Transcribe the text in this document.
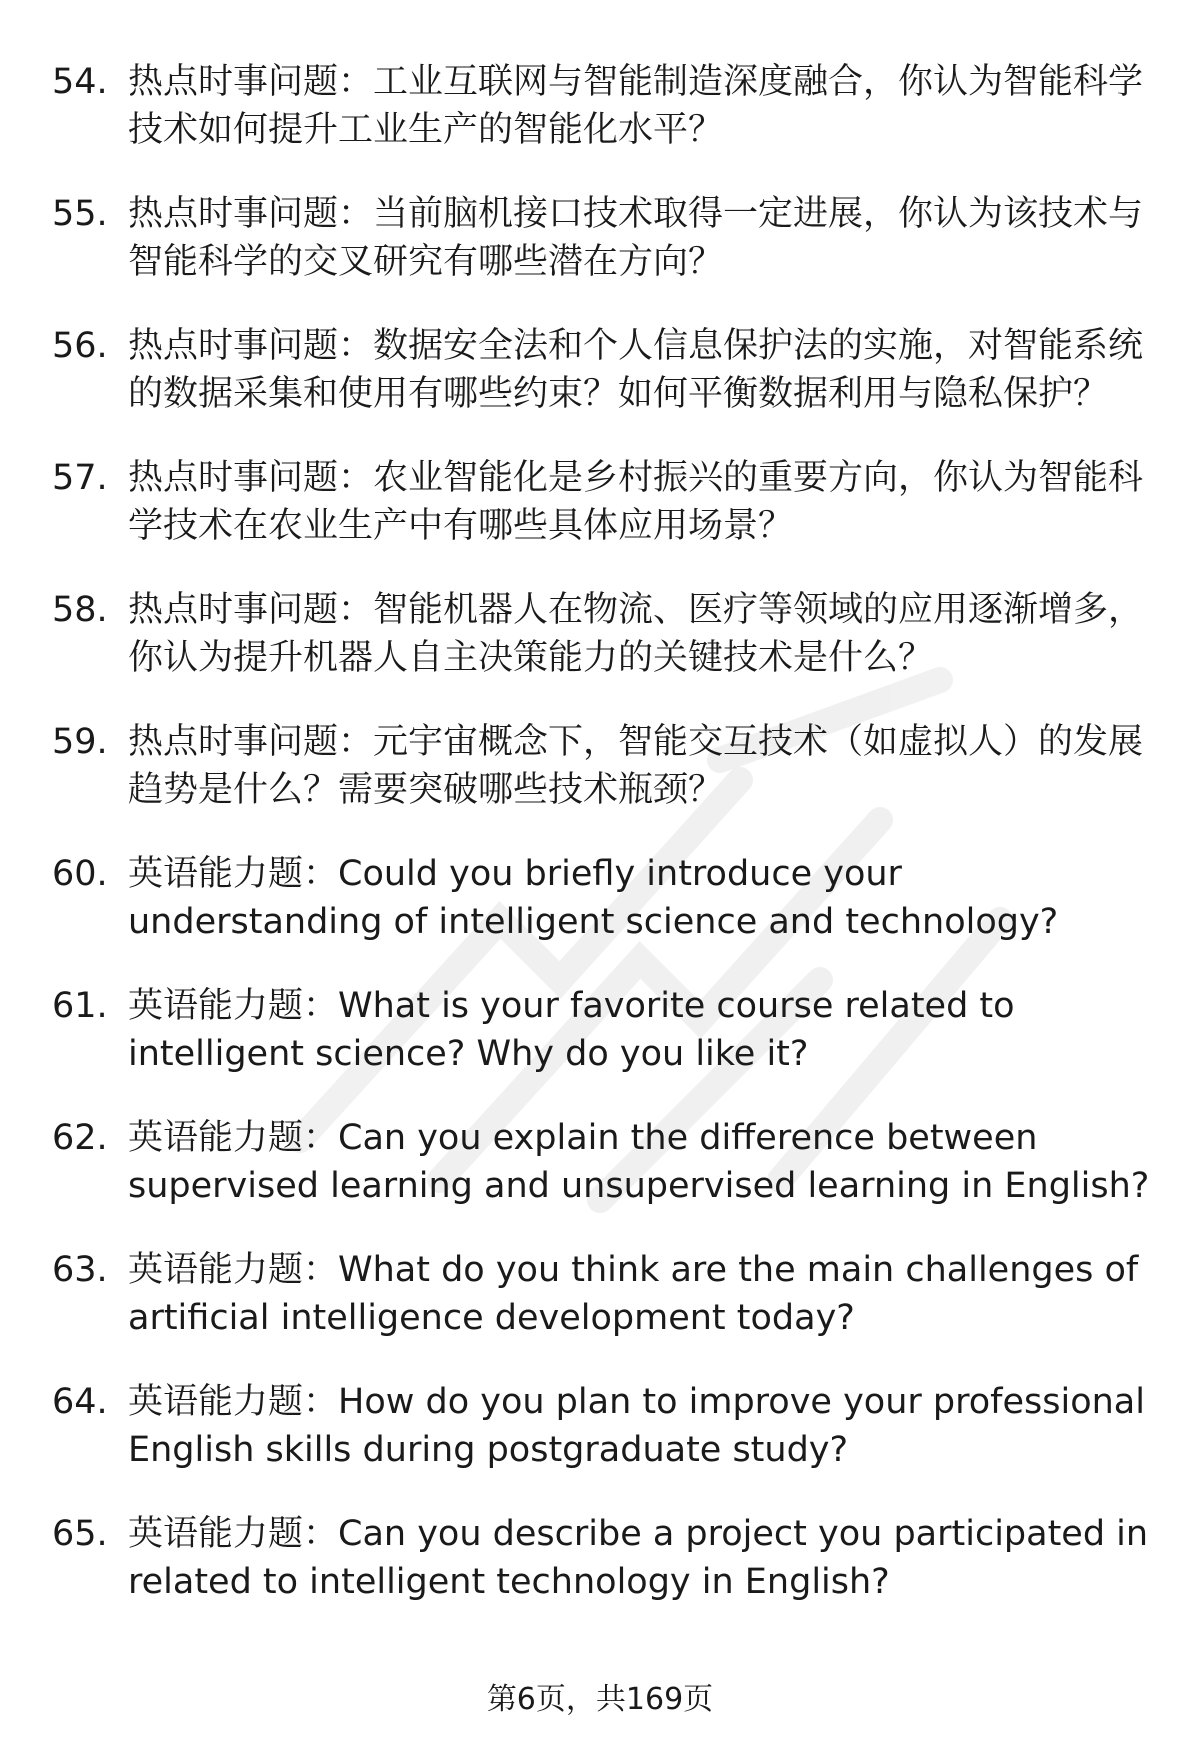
54. 热点时事问题：工业互联网与智能制造深度融合，你认为智能科学技术如何提升工业生产的智能化水平？
55. 热点时事问题：当前脑机接口技术取得一定进展，你认为该技术与智能科学的交叉研究有哪些潜在方向？
56. 热点时事问题：数据安全法和个人信息保护法的实施，对智能系统的数据采集和使用有哪些约束？如何平衡数据利用与隐私保护？
57. 热点时事问题：农业智能化是乡村振兴的重要方向，你认为智能科学技术在农业生产中有哪些具体应用场景？
58. 热点时事问题：智能机器人在物流、医疗等领域的应用逐渐增多，你认为提升机器人自主决策能力的关键技术是什么？
59. 热点时事问题：元宇宙概念下，智能交互技术（如虚拟人）的发展趋势是什么？需要突破哪些技术瓶颈？
60. 英语能力题：Could you briefly introduce your understanding of intelligent science and technology?
61. 英语能力题：What is your favorite course related to intelligent science? Why do you like it?
62. 英语能力题：Can you explain the difference between supervised learning and unsupervised learning in English?
63. 英语能力题：What do you think are the main challenges of artificial intelligence development today?
64. 英语能力题：How do you plan to improve your professional English skills during postgraduate study?
65. 英语能力题：Can you describe a project you participated in related to intelligent technology in English?
第6页，共169页
